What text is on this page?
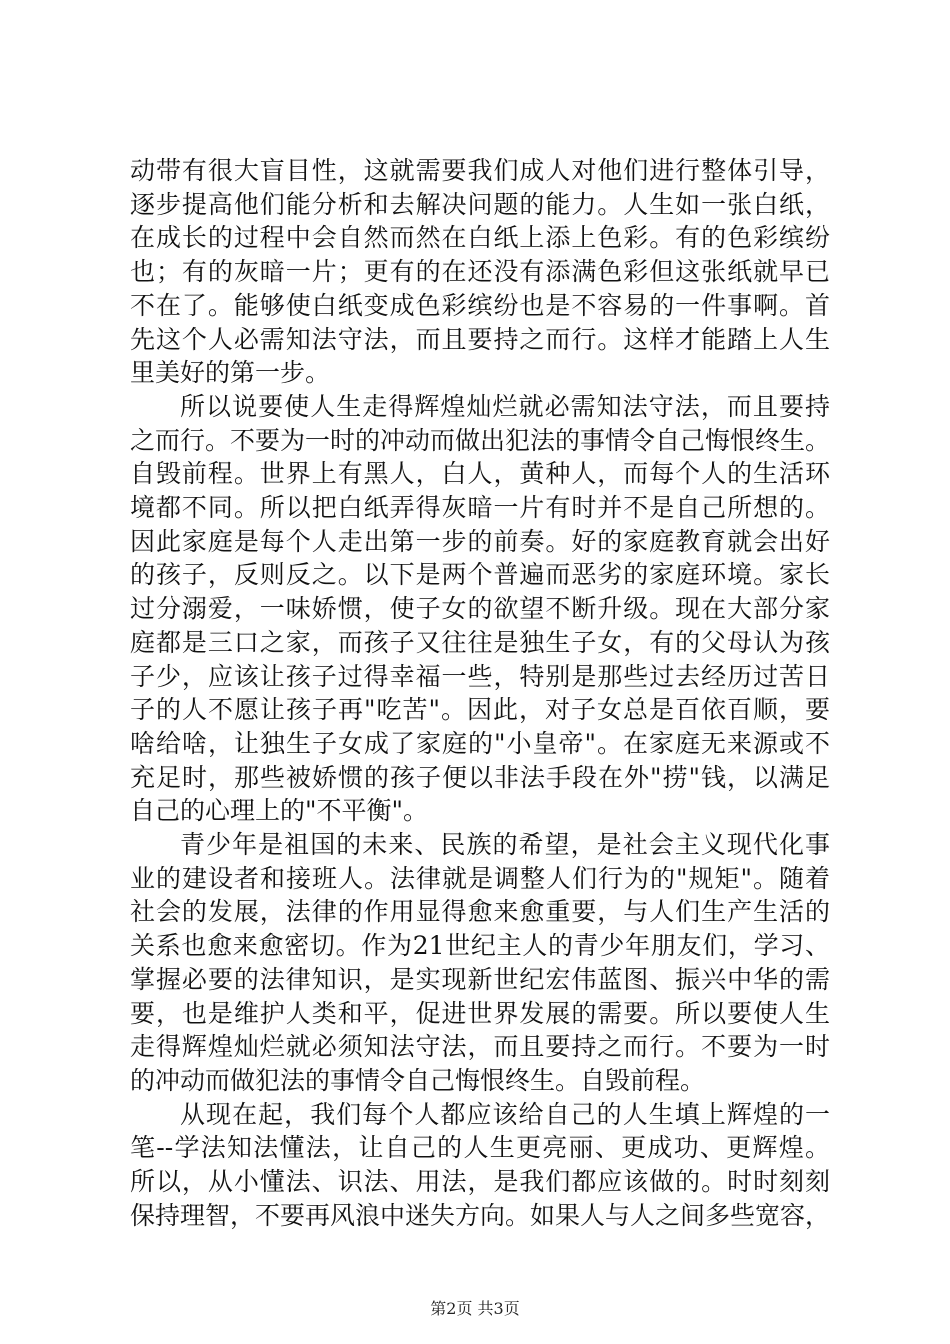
动带有很大盲目性，这就需要我们成人对他们进行整体引导，
逐步提高他们能分析和去解决问题的能力。人生如一张白纸，
在成长的过程中会自然而然在白纸上添上色彩。有的色彩缤纷
也；有的灰暗一片；更有的在还没有添满色彩但这张纸就早已
不在了。能够使白纸变成色彩缤纷也是不容易的一件事啊。首
先这个人必需知法守法，而且要持之而行。这样才能踏上人生
里美好的第一步。
所以说要使人生走得辉煌灿烂就必需知法守法，而且要持
之而行。不要为一时的冲动而做出犯法的事情令自己悔恨终生。
自毁前程。世界上有黑人，白人，黄种人，而每个人的生活环
境都不同。所以把白纸弄得灰暗一片有时并不是自己所想的。
因此家庭是每个人走出第一步的前奏。好的家庭教育就会出好
的孩子，反则反之。以下是两个普遍而恶劣的家庭环境。家长
过分溺爱，一味娇惯，使子女的欲望不断升级。现在大部分家
庭都是三口之家，而孩子又往往是独生子女，有的父母认为孩
子少，应该让孩子过得幸福一些，特别是那些过去经历过苦日
子的人不愿让孩子再"吃苦"。因此，对子女总是百依百顺，要
啥给啥，让独生子女成了家庭的"小皇帝"。在家庭无来源或不
充足时，那些被娇惯的孩子便以非法手段在外"捞"钱，以满足
自己的心理上的"不平衡"。
青少年是祖国的未来、民族的希望，是社会主义现代化事
业的建设者和接班人。法律就是调整人们行为的"规矩"。随着
社会的发展，法律的作用显得愈来愈重要，与人们生产生活的
关系也愈来愈密切。作为21世纪主人的青少年朋友们，学习、
掌握必要的法律知识，是实现新世纪宏伟蓝图、振兴中华的需
要，也是维护人类和平，促进世界发展的需要。所以要使人生
走得辉煌灿烂就必须知法守法，而且要持之而行。不要为一时
的冲动而做犯法的事情令自己悔恨终生。自毁前程。
从现在起，我们每个人都应该给自己的人生填上辉煌的一
笔--学法知法懂法，让自己的人生更亮丽、更成功、更辉煌。
所以，从小懂法、识法、用法，是我们都应该做的。时时刻刻
保持理智，不要再风浪中迷失方向。如果人与人之间多些宽容，
第2页 共3页
